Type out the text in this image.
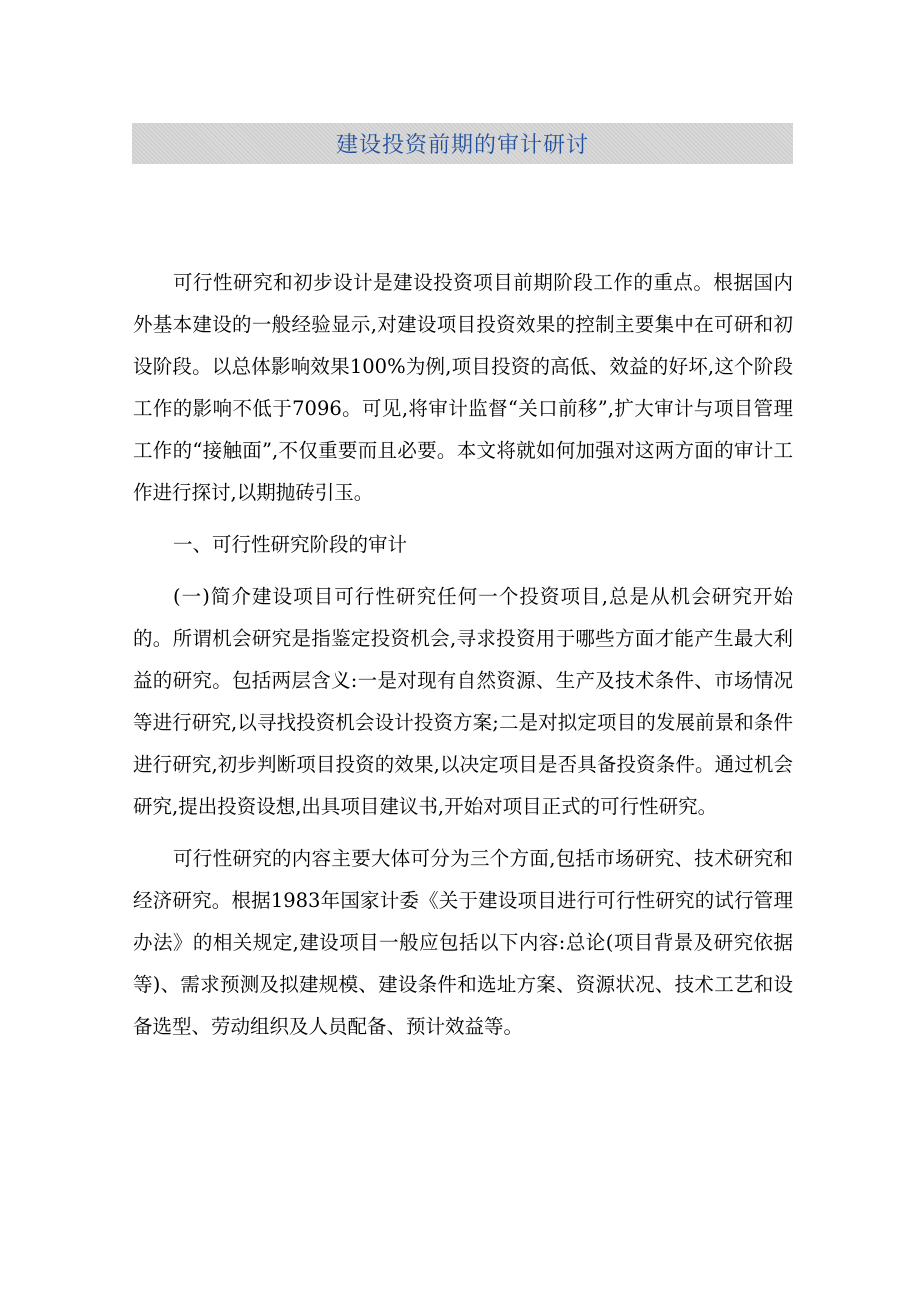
建设投资前期的审计研讨

可行性研究和初步设计是建设投资项目前期阶段工作的重点。根据国内外基本建设的一般经验显示,对建设项目投资效果的控制主要集中在可研和初设阶段。以总体影响效果100%为例,项目投资的高低、效益的好坏,这个阶段工作的影响不低于7096。可见,将审计监督“关口前移”,扩大审计与项目管理工作的“接触面”,不仅重要而且必要。本文将就如何加强对这两方面的审计工作进行探讨,以期抛砖引玉。

一、可行性研究阶段的审计

(一)简介建设项目可行性研究任何一个投资项目,总是从机会研究开始的。所谓机会研究是指鉴定投资机会,寻求投资用于哪些方面才能产生最大利益的研究。包括两层含义:一是对现有自然资源、生产及技术条件、市场情况等进行研究,以寻找投资机会设计投资方案;二是对拟定项目的发展前景和条件进行研究,初步判断项目投资的效果,以决定项目是否具备投资条件。通过机会研究,提出投资设想,出具项目建议书,开始对项目正式的可行性研究。

可行性研究的内容主要大体可分为三个方面,包括市场研究、技术研究和经济研究。根据1983年国家计委《关于建设项目进行可行性研究的试行管理办法》的相关规定,建设项目一般应包括以下内容:总论(项目背景及研究依据等)、需求预测及拟建规模、建设条件和选址方案、资源状况、技术工艺和设备选型、劳动组织及人员配备、预计效益等。
